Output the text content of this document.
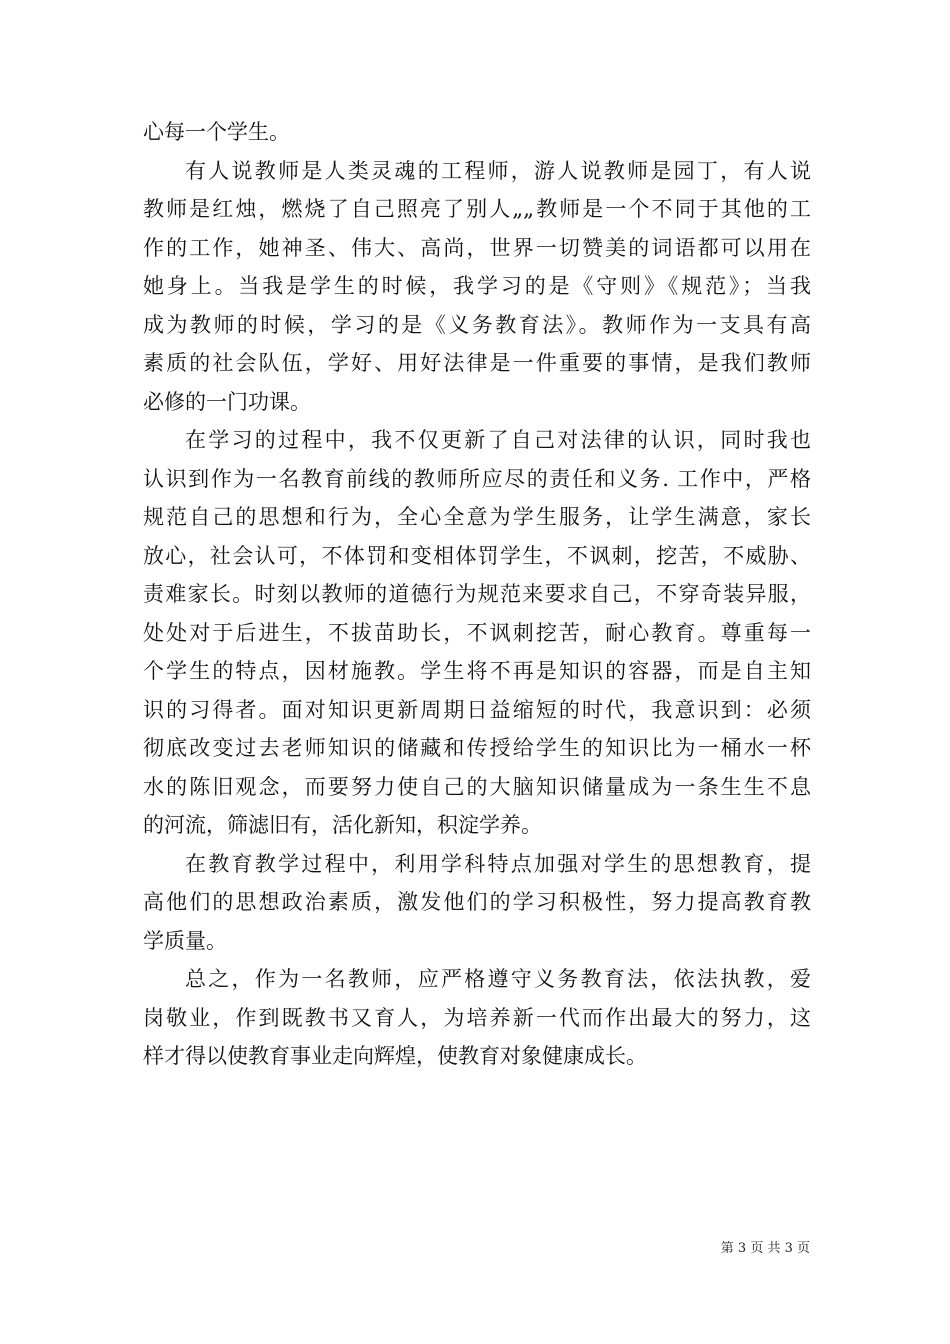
心每一个学生。
有人说教师是人类灵魂的工程师，游人说教师是园丁，有人说
教师是红烛，燃烧了自己照亮了别人„„教师是一个不同于其他的工
作的工作，她神圣、伟大、高尚，世界一切赞美的词语都可以用在
她身上。当我是学生的时候，我学习的是《守则》《规范》；当我
成为教师的时候，学习的是《义务教育法》。教师作为一支具有高
素质的社会队伍，学好、用好法律是一件重要的事情，是我们教师
必修的一门功课。
在学习的过程中，我不仅更新了自己对法律的认识，同时我也
认识到作为一名教育前线的教师所应尽的责任和义务. 工作中，严格
规范自己的思想和行为，全心全意为学生服务，让学生满意，家长
放心，社会认可，不体罚和变相体罚学生，不讽刺，挖苦，不威胁、
责难家长。时刻以教师的道德行为规范来要求自己，不穿奇装异服，
处处对于后进生，不拔苗助长，不讽刺挖苦，耐心教育。尊重每一
个学生的特点，因材施教。学生将不再是知识的容器，而是自主知
识的习得者。面对知识更新周期日益缩短的时代，我意识到：必须
彻底改变过去老师知识的储藏和传授给学生的知识比为一桶水一杯
水的陈旧观念，而要努力使自己的大脑知识储量成为一条生生不息
的河流，筛滤旧有，活化新知，积淀学养。
在教育教学过程中，利用学科特点加强对学生的思想教育，提
高他们的思想政治素质，激发他们的学习积极性，努力提高教育教
学质量。
总之，作为一名教师，应严格遵守义务教育法，依法执教，爱
岗敬业，作到既教书又育人，为培养新一代而作出最大的努力，这
样才得以使教育事业走向辉煌，使教育对象健康成长。
第 3 页 共 3 页
